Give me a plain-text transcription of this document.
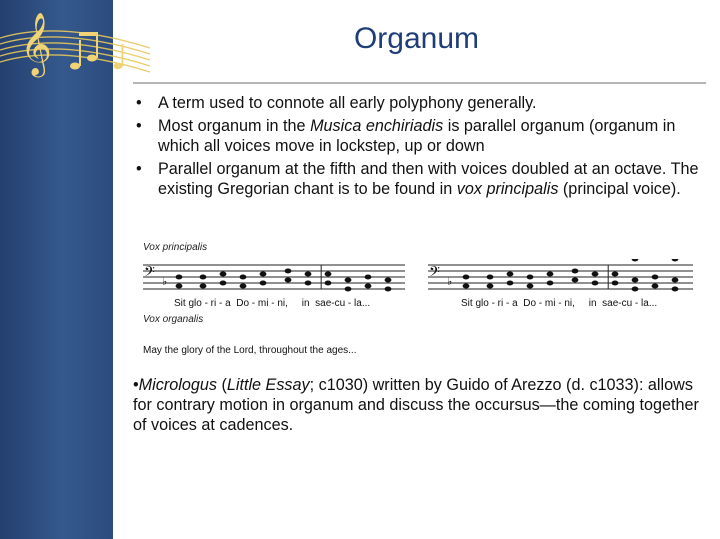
𝄞	Organum
• A term used to connote all early polyphony generally.
• Most organum in the Musica enchiriadis is parallel organum (organum in which all voices move in lockstep, up or down
• Parallel organum at the fifth and then with voices doubled at an octave. The existing Gregorian chant is to be found in vox principalis (principal voice).
Vox principalis
𝄢 ♭
Sit glo - ri - a  Do - mi - ni,     in  sae-cu - la...
Vox organalis
𝄢 ♭
Sit glo - ri - a  Do - mi - ni,     in  sae-cu - la...
May the glory of the Lord, throughout the ages...
•Micrologus (Little Essay; c1030) written by Guido of Arezzo (d. c1033): allows for contrary motion in organum and discuss the occursus—the coming together of voices at cadences.
